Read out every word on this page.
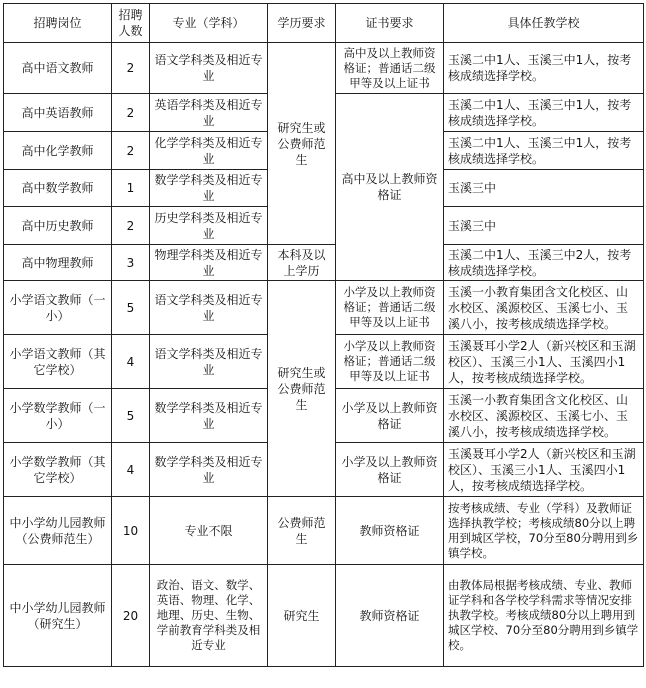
招聘岗位	招聘人数	专业（学科）	学历要求	证书要求	具体任教学校
高中语文教师	2	语文学科类及相近专业	研究生或公费师范生	高中及以上教师资格证；普通话二级甲等及以上证书	玉溪二中1人、玉溪三中1人，按考核成绩选择学校。
高中英语教师	2	英语学科类及相近专业		高中及以上教师资格证	玉溪二中1人、玉溪三中1人，按考核成绩选择学校。
高中化学教师	2	化学学科类及相近专业			玉溪二中1人、玉溪三中1人，按考核成绩选择学校。
高中数学教师	1	数学学科类及相近专业			玉溪三中
高中历史教师	2	历史学科类及相近专业			玉溪三中
高中物理教师	3	物理学科类及相近专业	本科及以上学历		玉溪二中1人、玉溪三中2人，按考核成绩选择学校。
小学语文教师（一小）	5	语文学科类及相近专业	研究生或公费师范生	小学及以上教师资格证；普通话二级甲等及以上证书	玉溪一小教育集团含文化校区、山水校区、溪源校区、玉溪七小、玉溪八小，按考核成绩选择学校。
小学语文教师（其它学校）	4	语文学科类及相近专业		小学及以上教师资格证；普通话二级甲等及以上证书	玉溪聂耳小学2人（新兴校区和玉湖校区）、玉溪三小1人、玉溪四小1人，按考核成绩选择学校。
小学数学教师（一小）	5	数学学科类及相近专业		小学及以上教师资格证	玉溪一小教育集团含文化校区、山水校区、溪源校区、玉溪七小、玉溪八小，按考核成绩选择学校。
小学数学教师（其它学校）	4	数学学科类及相近专业		小学及以上教师资格证	玉溪聂耳小学2人（新兴校区和玉湖校区）、玉溪三小1人、玉溪四小1人，按考核成绩选择学校。
中小学幼儿园教师（公费师范生）	10	专业不限	公费师范生	教师资格证	按考核成绩、专业（学科）及教师证选择执教学校；考核成绩80分以上聘用到城区学校，70分至80分聘用到乡镇学校。
中小学幼儿园教师（研究生）	20	政治、语文、数学、英语、物理、化学、地理、历史、生物、学前教育学科类及相近专业	研究生	教师资格证	由教体局根据考核成绩、专业、教师证学科和各学校学科需求等情况安排执教学校。考核成绩80分以上聘用到城区学校、70分至80分聘用到乡镇学校。
